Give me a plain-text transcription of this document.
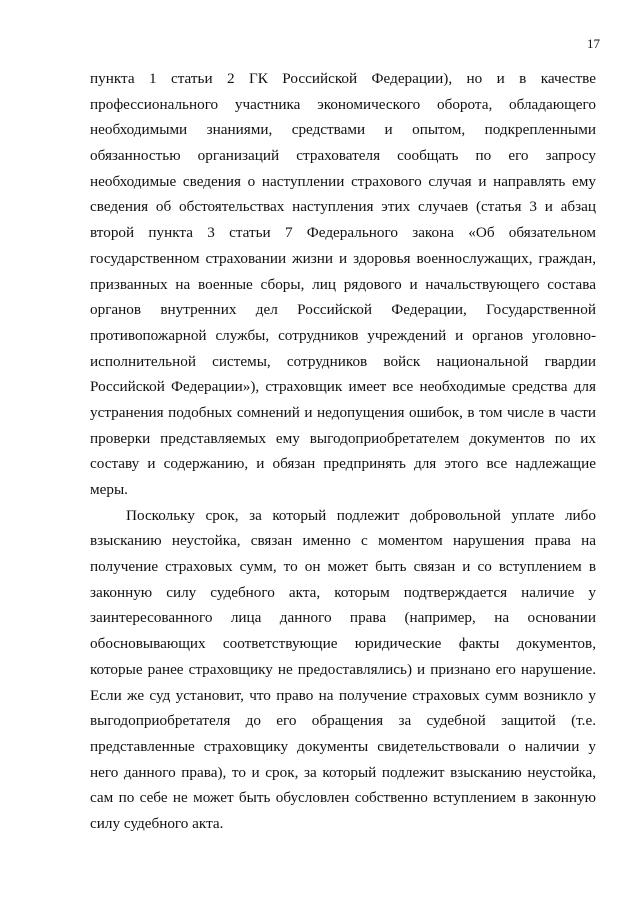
17
пункта 1 статьи 2 ГК Российской Федерации), но и в качестве
профессионального участника экономического оборота, обладающего
необходимыми знаниями, средствами и опытом, подкрепленными
обязанностью организаций страхователя сообщать по его запросу
необходимые сведения о наступлении страхового случая и направлять ему
сведения об обстоятельствах наступления этих случаев (статья 3 и абзац
второй пункта 3 статьи 7 Федерального закона «Об обязательном
государственном страховании жизни и здоровья военнослужащих, граждан,
призванных на военные сборы, лиц рядового и начальствующего состава
органов внутренних дел Российской Федерации, Государственной
противопожарной службы, сотрудников учреждений и органов уголовно-
исполнительной системы, сотрудников войск национальной гвардии
Российской Федерации»), страховщик имеет все необходимые средства для
устранения подобных сомнений и недопущения ошибок, в том числе в части
проверки представляемых ему выгодоприобретателем документов по их
составу и содержанию, и обязан предпринять для этого все надлежащие
меры.
Поскольку срок, за который подлежит добровольной уплате либо
взысканию неустойка, связан именно с моментом нарушения права на
получение страховых сумм, то он может быть связан и со вступлением в
законную силу судебного акта, которым подтверждается наличие у
заинтересованного лица данного права (например, на основании
обосновывающих соответствующие юридические факты документов,
которые ранее страховщику не предоставлялись) и признано его нарушение.
Если же суд установит, что право на получение страховых сумм возникло у
выгодоприобретателя до его обращения за судебной защитой (т.е.
представленные страховщику документы свидетельствовали о наличии у
него данного права), то и срок, за который подлежит взысканию неустойка,
сам по себе не может быть обусловлен собственно вступлением в законную
силу судебного акта.
